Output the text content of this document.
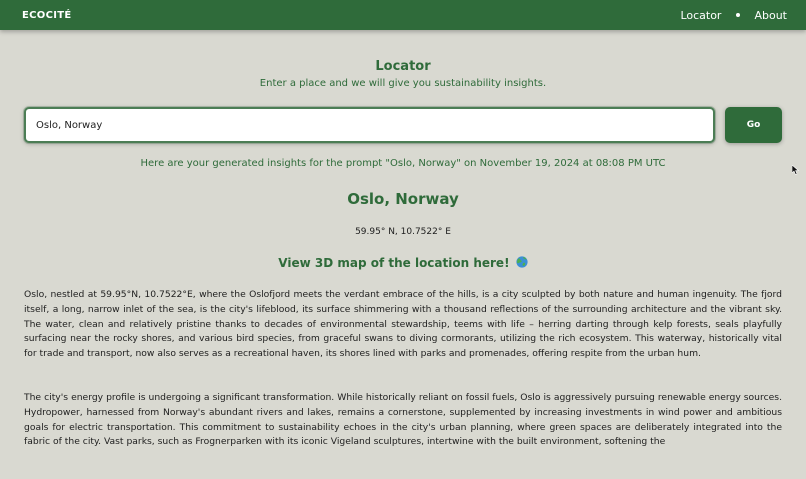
ECOCITÉ	Locator	About
Locator
Enter a place and we will give you sustainability insights.
Oslo, Norway
Go
Here are your generated insights for the prompt "Oslo, Norway" on November 19, 2024 at 08:08 PM UTC
Oslo, Norway
59.95° N, 10.7522° E
View 3D map of the location here!

Oslo, nestled at 59.95°N, 10.7522°E, where the Oslofjord meets the verdant embrace of the hills, is a city sculpted by both nature and human ingenuity. The fjord itself, a long, narrow inlet of the sea, is the city's lifeblood, its surface shimmering with a thousand reflections of the surrounding architecture and the vibrant sky. The water, clean and relatively pristine thanks to decades of environmental stewardship, teems with life – herring darting through kelp forests, seals playfully surfacing near the rocky shores, and various bird species, from graceful swans to diving cormorants, utilizing the rich ecosystem. This waterway, historically vital for trade and transport, now also serves as a recreational haven, its shores lined with parks and promenades, offering respite from the urban hum.

The city's energy profile is undergoing a significant transformation. While historically reliant on fossil fuels, Oslo is aggressively pursuing renewable energy sources. Hydropower, harnessed from Norway's abundant rivers and lakes, remains a cornerstone, supplemented by increasing investments in wind power and ambitious goals for electric transportation. This commitment to sustainability echoes in the city's urban planning, where green spaces are deliberately integrated into the fabric of the city. Vast parks, such as Frognerparken with its iconic Vigeland sculptures, intertwine with the built environment, softening the
